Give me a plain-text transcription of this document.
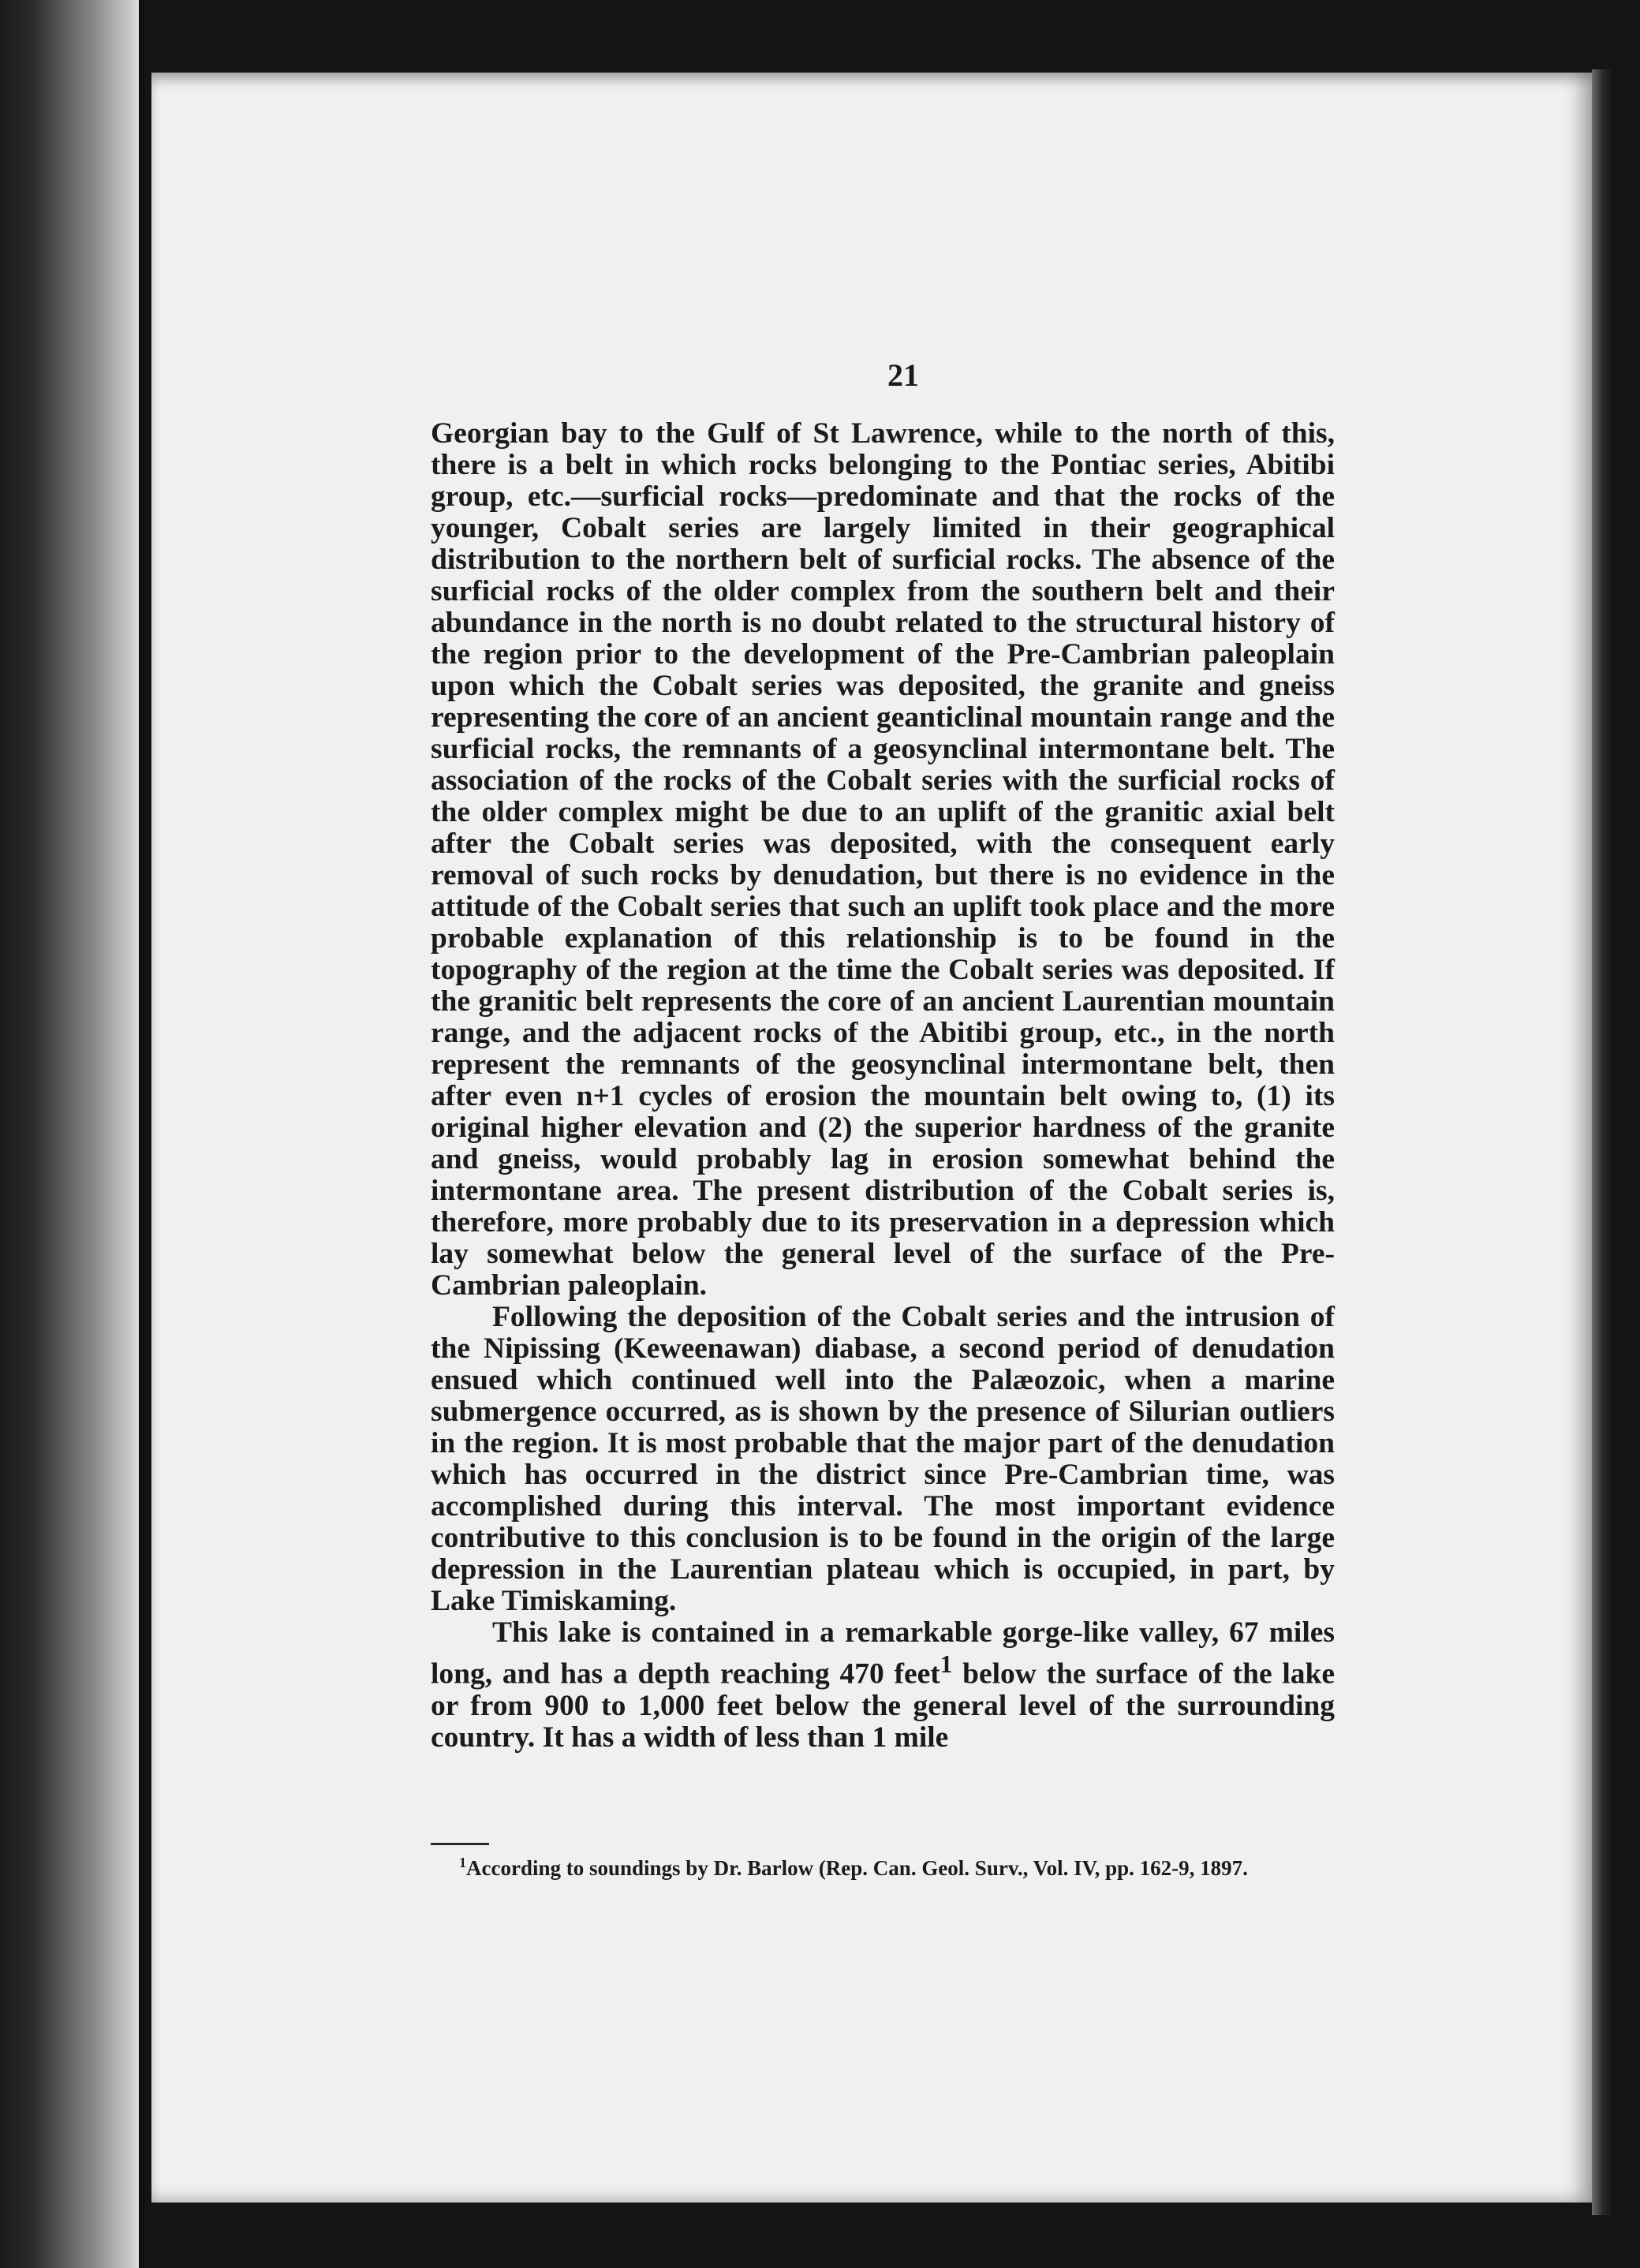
21

Georgian bay to the Gulf of St Lawrence, while to the north of this, there is a belt in which rocks belonging to the Pontiac series, Abitibi group, etc.—surficial rocks—predominate and that the rocks of the younger, Cobalt series are largely limited in their geographical distribution to the northern belt of surficial rocks. The absence of the surficial rocks of the older complex from the southern belt and their abundance in the north is no doubt related to the structural history of the region prior to the development of the Pre-Cambrian paleoplain upon which the Cobalt series was deposited, the granite and gneiss representing the core of an ancient geanticlinal mountain range and the surficial rocks, the remnants of a geosynclinal intermontane belt. The association of the rocks of the Cobalt series with the surficial rocks of the older complex might be due to an uplift of the granitic axial belt after the Cobalt series was deposited, with the consequent early removal of such rocks by denudation, but there is no evidence in the attitude of the Cobalt series that such an uplift took place and the more probable explanation of this relationship is to be found in the topography of the region at the time the Cobalt series was deposited. If the granitic belt represents the core of an ancient Laurentian mountain range, and the adjacent rocks of the Abitibi group, etc., in the north represent the remnants of the geosynclinal intermontane belt, then after even n+1 cycles of erosion the mountain belt owing to, (1) its original higher elevation and (2) the superior hardness of the granite and gneiss, would probably lag in erosion somewhat behind the intermontane area. The present distribution of the Cobalt series is, therefore, more probably due to its preservation in a depression which lay somewhat below the general level of the surface of the Pre-Cambrian paleoplain.

Following the deposition of the Cobalt series and the intrusion of the Nipissing (Keweenawan) diabase, a second period of denudation ensued which continued well into the Palæozoic, when a marine submergence occurred, as is shown by the presence of Silurian outliers in the region. It is most probable that the major part of the denudation which has occurred in the district since Pre-Cambrian time, was accomplished during this interval. The most important evidence contributive to this conclusion is to be found in the origin of the large depression in the Laurentian plateau which is occupied, in part, by Lake Timiskaming.

This lake is contained in a remarkable gorge-like valley, 67 miles long, and has a depth reaching 470 feet$^1$ below the surface of the lake or from 900 to 1,000 feet below the general level of the surrounding country. It has a width of less than 1 mile

$^1$According to soundings by Dr. Barlow (Rep. Can. Geol. Surv., Vol. IV, pp. 162-9, 1897.
